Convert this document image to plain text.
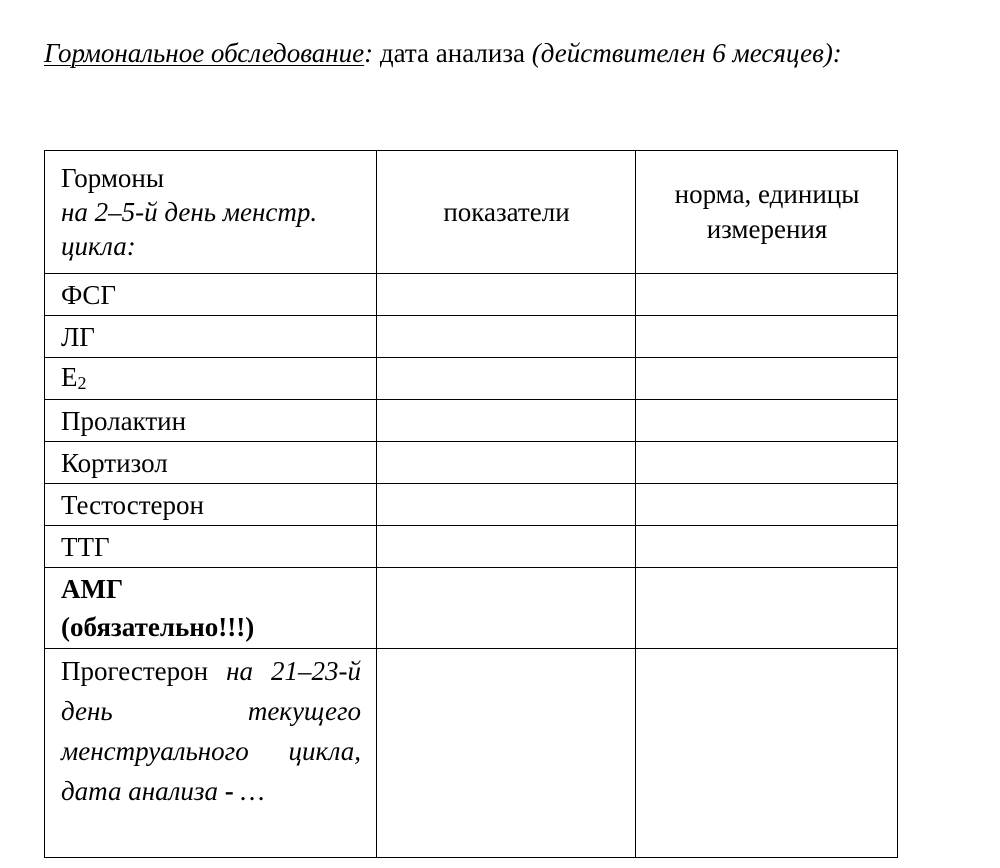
Гормональное обследование: дата анализа (действителен 6 месяцев):
Гормоны
на 2–5-й день менстр. цикла:	показатели	норма, единицы измерения
ФСГ		
ЛГ		
$E_2$		
Пролактин		
Кортизол		
Тестостерон		
ТТГ		

АМГ
(обязательно!!!)		

Прогестерон на 21–23-й день текущего менструального цикла, дата анализа - …		
